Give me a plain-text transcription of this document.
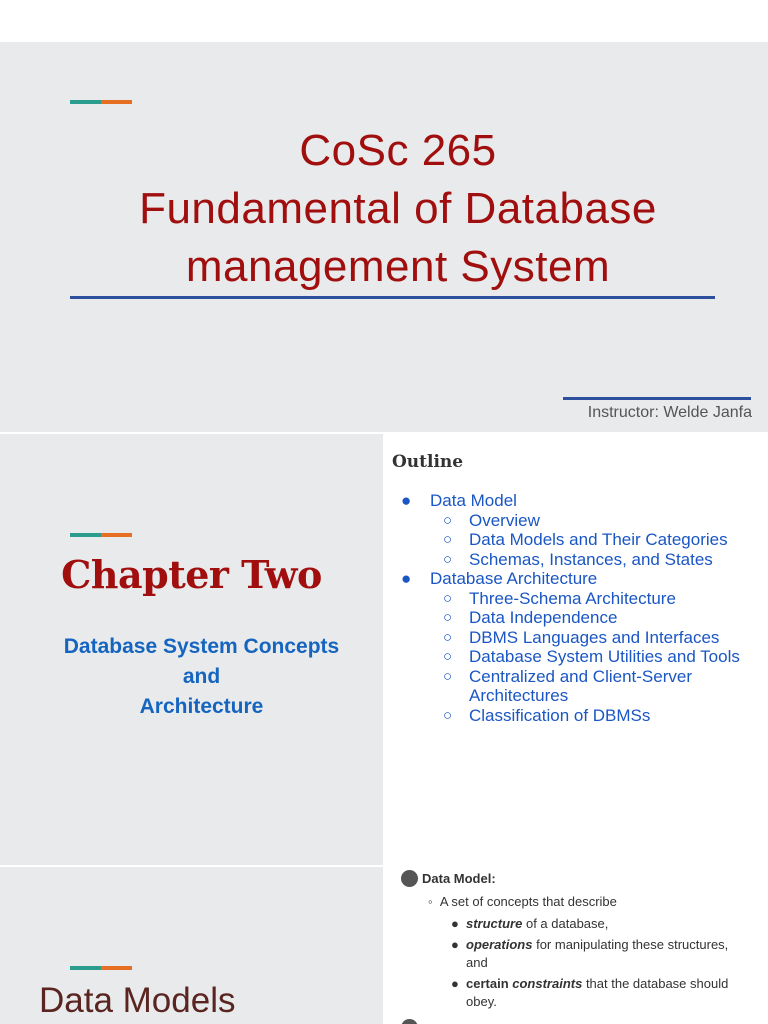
CoSc 265
Fundamental of Database
management System
Instructor: Welde Janfa
Chapter Two
Database System Concepts
and
Architecture
Outline
● Data Model
○ Overview
○ Data Models and Their Categories
○ Schemas, Instances, and States
● Database Architecture
○ Three-Schema Architecture
○ Data Independence
○ DBMS Languages and Interfaces
○ Database System Utilities and Tools
○ Centralized and Client-Server Architectures
○ Classification of DBMSs
Data Models
Data Model:
◦  A set of concepts that describe
● structure of a database,
● operations for manipulating these structures, and
● certain constraints that the database should obey.
